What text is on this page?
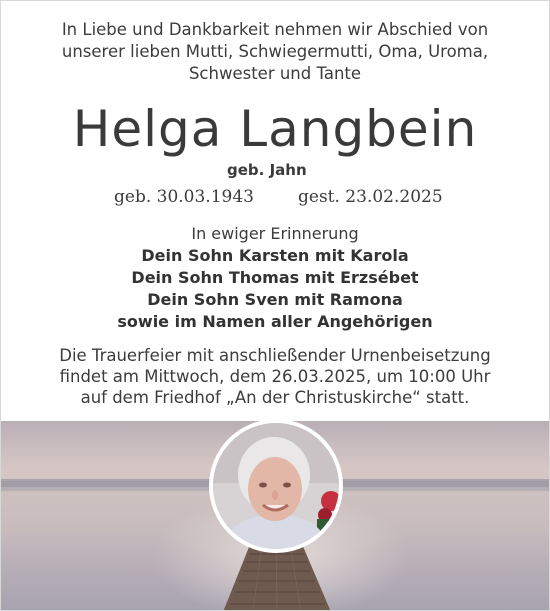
In Liebe und Dankbarkeit nehmen wir Abschied von
unserer lieben Mutti, Schwiegermutti, Oma, Uroma,
Schwester und Tante
Helga Langbein
geb. Jahn
geb. 30.03.1943	gest. 23.02.2025
In ewiger Erinnerung
Dein Sohn Karsten mit Karola
Dein Sohn Thomas mit Erzsébet
Dein Sohn Sven mit Ramona
sowie im Namen aller Angehörigen
Die Trauerfeier mit anschließender Urnenbeisetzung
findet am Mittwoch, dem 26.03.2025, um 10:00 Uhr
auf dem Friedhof „An der Christuskirche“ statt.
